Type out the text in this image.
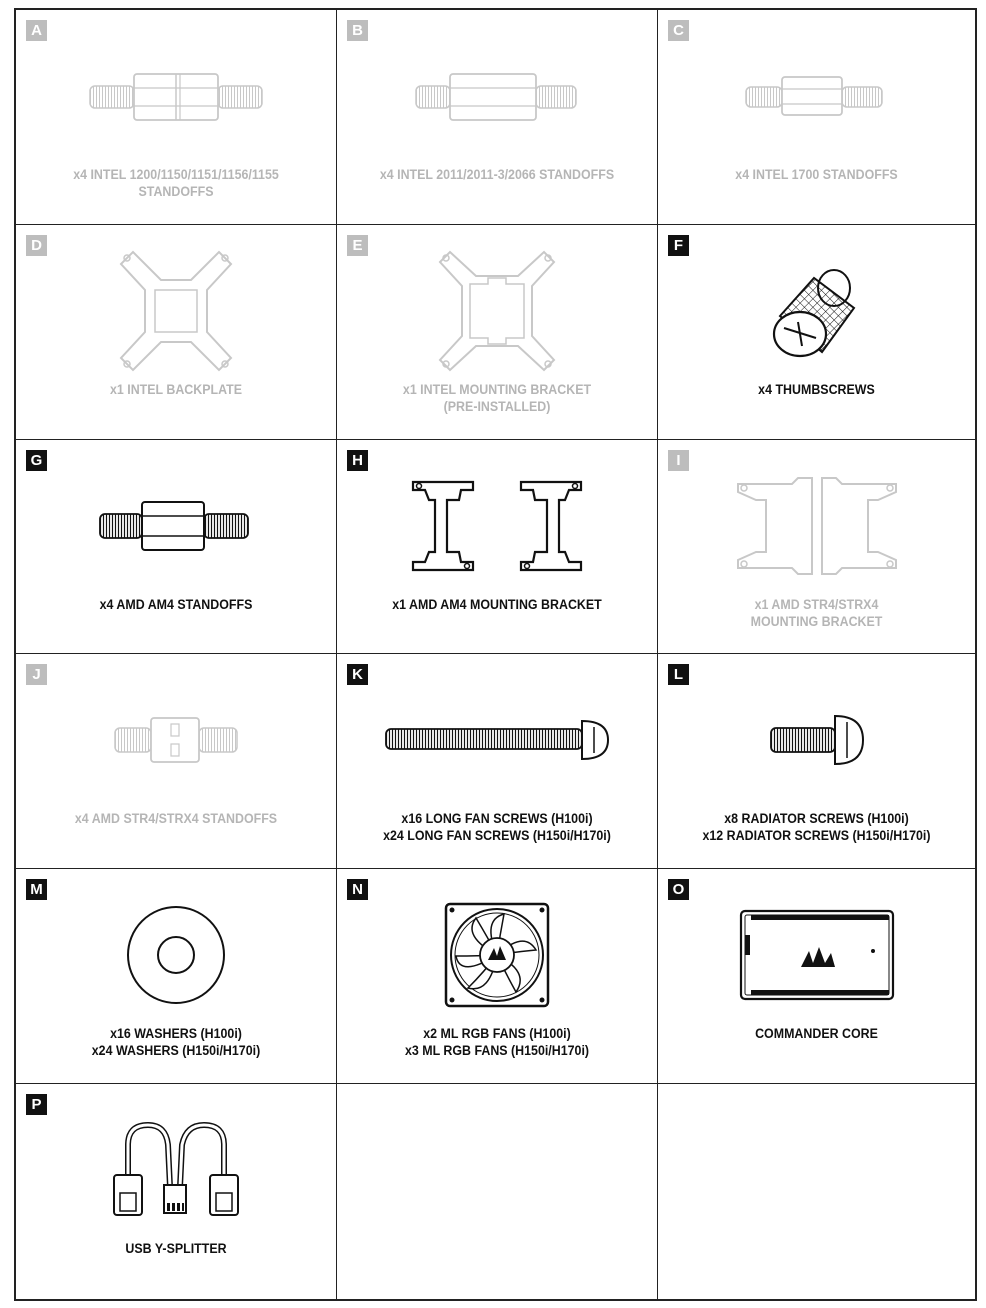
A
x4 INTEL 1200/1150/1151/1156/1155
STANDOFFS
B
x4 INTEL 2011/2011-3/2066 STANDOFFS
C
x4 INTEL 1700 STANDOFFS
D
x1 INTEL BACKPLATE
E
x1 INTEL MOUNTING BRACKET
(PRE-INSTALLED)
F
x4 THUMBSCREWS
G
x4 AMD AM4 STANDOFFS
H
x1 AMD AM4 MOUNTING BRACKET
I
x1 AMD STR4/STRX4
MOUNTING BRACKET
J
x4 AMD STR4/STRX4 STANDOFFS
K
x16 LONG FAN SCREWS (H100i)
x24 LONG FAN SCREWS (H150i/H170i)
L
x8 RADIATOR SCREWS (H100i)
x12 RADIATOR SCREWS (H150i/H170i)
M
x16 WASHERS (H100i)
x24 WASHERS (H150i/H170i)
N
x2 ML RGB FANS (H100i)
x3 ML RGB FANS (H150i/H170i)
O
COMMANDER CORE
P
USB Y-SPLITTER
